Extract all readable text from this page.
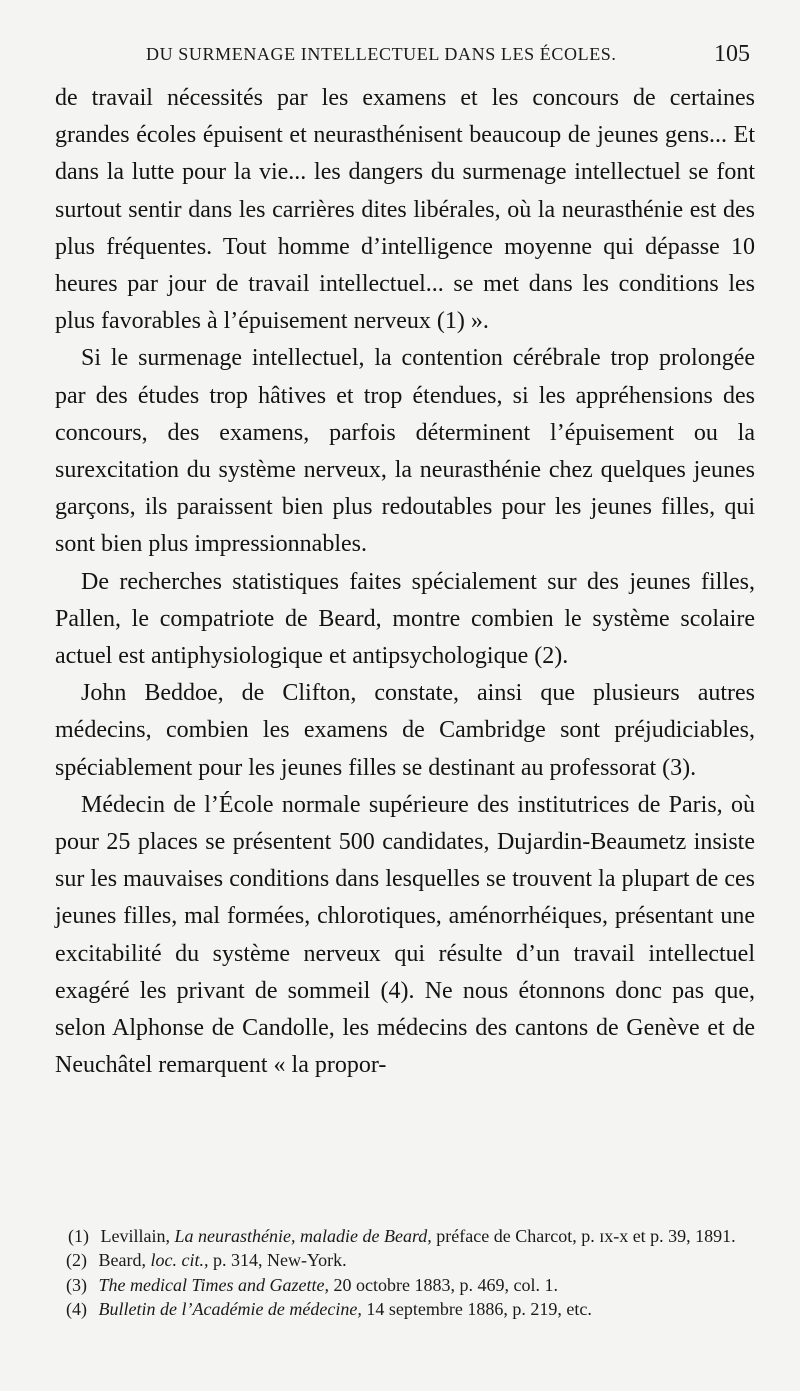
DU SURMENAGE INTELLECTUEL DANS LES ÉCOLES.	105

de travail nécessités par les examens et les concours de certaines grandes écoles épuisent et neurasthénisent beaucoup de jeunes gens... Et dans la lutte pour la vie... les dangers du surmenage intellectuel se font surtout sentir dans les carrières dites libérales, où la neurasthénie est des plus fréquentes. Tout homme d’intelligence moyenne qui dépasse 10 heures par jour de travail intellectuel... se met dans les conditions les plus favorables à l’épuisement nerveux (1) ».

Si le surmenage intellectuel, la contention cérébrale trop prolongée par des études trop hâtives et trop étendues, si les appréhensions des concours, des examens, parfois déterminent l’épuisement ou la surexcitation du système nerveux, la neurasthénie chez quelques jeunes garçons, ils paraissent bien plus redoutables pour les jeunes filles, qui sont bien plus impressionnables.

De recherches statistiques faites spécialement sur des jeunes filles, Pallen, le compatriote de Beard, montre combien le système scolaire actuel est antiphysiologique et antipsychologique (2).

John Beddoe, de Clifton, constate, ainsi que plusieurs autres médecins, combien les examens de Cambridge sont préjudiciables, spéciablement pour les jeunes filles se destinant au professorat (3).

Médecin de l’École normale supérieure des institutrices de Paris, où pour 25 places se présentent 500 candidates, Dujardin-Beaumetz insiste sur les mauvaises conditions dans lesquelles se trouvent la plupart de ces jeunes filles, mal formées, chlorotiques, aménorrhéiques, présentant une excitabilité du système nerveux qui résulte d’un travail intellectuel exagéré les privant de sommeil (4). Ne nous étonnons donc pas que, selon Alphonse de Candolle, les médecins des cantons de Genève et de Neuchâtel remarquent « la propor-

(1) Levillain, La neurasthénie, maladie de Beard, préface de Charcot, p. ɪx-x et p. 39, 1891.

(2) Beard, loc. cit., p. 314, New-York.

(3) The medical Times and Gazette, 20 octobre 1883, p. 469, col. 1.

(4) Bulletin de l’Académie de médecine, 14 septembre 1886, p. 219, etc.
